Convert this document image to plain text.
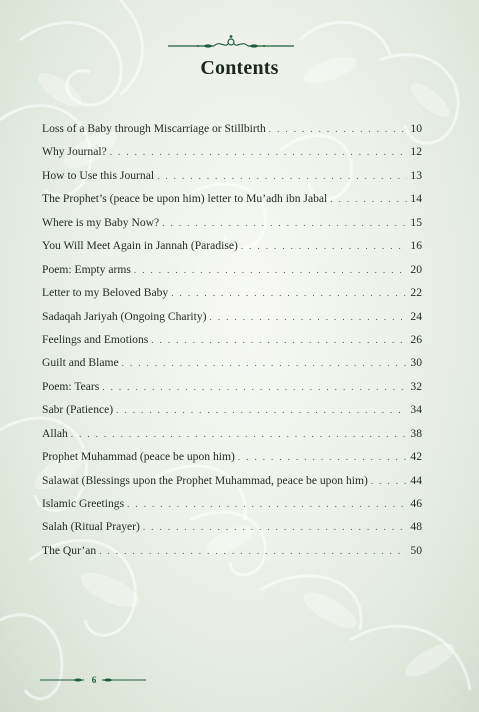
Contents
Loss of a Baby through Miscarriage or Stillbirth . . .	10
Why Journal? . . .	12
How to Use this Journal . . .	13
The Prophet’s (peace be upon him) letter to Mu’adh ibn Jabal . . .	14
Where is my Baby Now? . . .	15
You Will Meet Again in Jannah (Paradise) . . .	16
Poem: Empty arms . . .	20
Letter to my Beloved Baby . . .	22
Sadaqah Jariyah (Ongoing Charity) . . .	24
Feelings and Emotions . . .	26
Guilt and Blame . . .	30
Poem: Tears . . .	32
Sabr (Patience) . . .	34
Allah . . .	38
Prophet Muhammad (peace be upon him) . . .	42
Salawat (Blessings upon the Prophet Muhammad, peace be upon him) . . .	44
Islamic Greetings . . .	46
Salah (Ritual Prayer) . . .	48
The Qur’an . . .	50
6
